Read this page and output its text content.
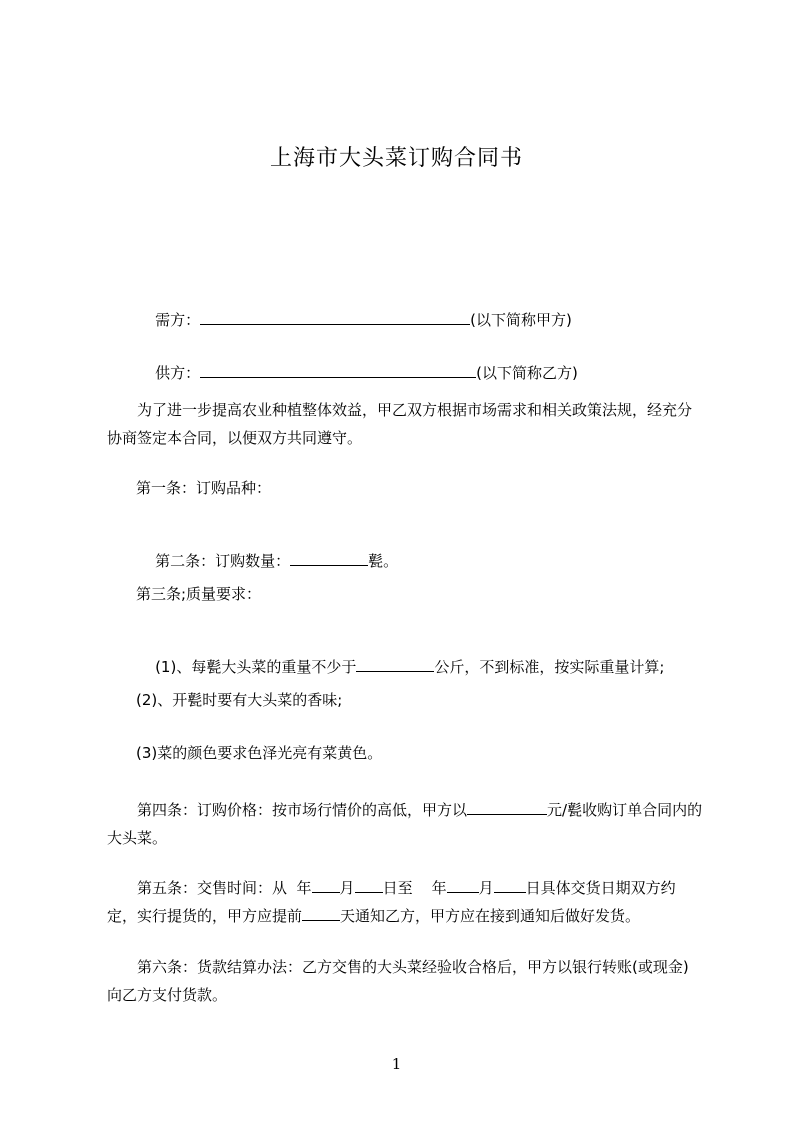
上海市大头菜订购合同书

需方：	(以下简称甲方)

供方：	(以下简称乙方)

为了进一步提高农业种植整体效益，甲乙双方根据市场需求和相关政策法规，经充分协商签定本合同，以便双方共同遵守。
第一条：订购品种：

第二条：订购数量：	甏。

第三条;质量要求：

(1)、每甏大头菜的重量不少于	公斤，不到标准，按实际重量计算;

(2)、开甏时要有大头菜的香味;
(3)菜的颜色要求色泽光亮有菜黄色。
第四条：订购价格：按市场行情价的高低，甲方以	元/甏收购订单合同内的大头菜。
第五条：交售时间：从  年 月 日至    年 月 日具体交货日期双方约定，实行提货的，甲方应提前	天通知乙方，甲方应在接到通知后做好发货。
第六条：货款结算办法：乙方交售的大头菜经验收合格后，甲方以银行转账(或现金)向乙方支付货款。
1
